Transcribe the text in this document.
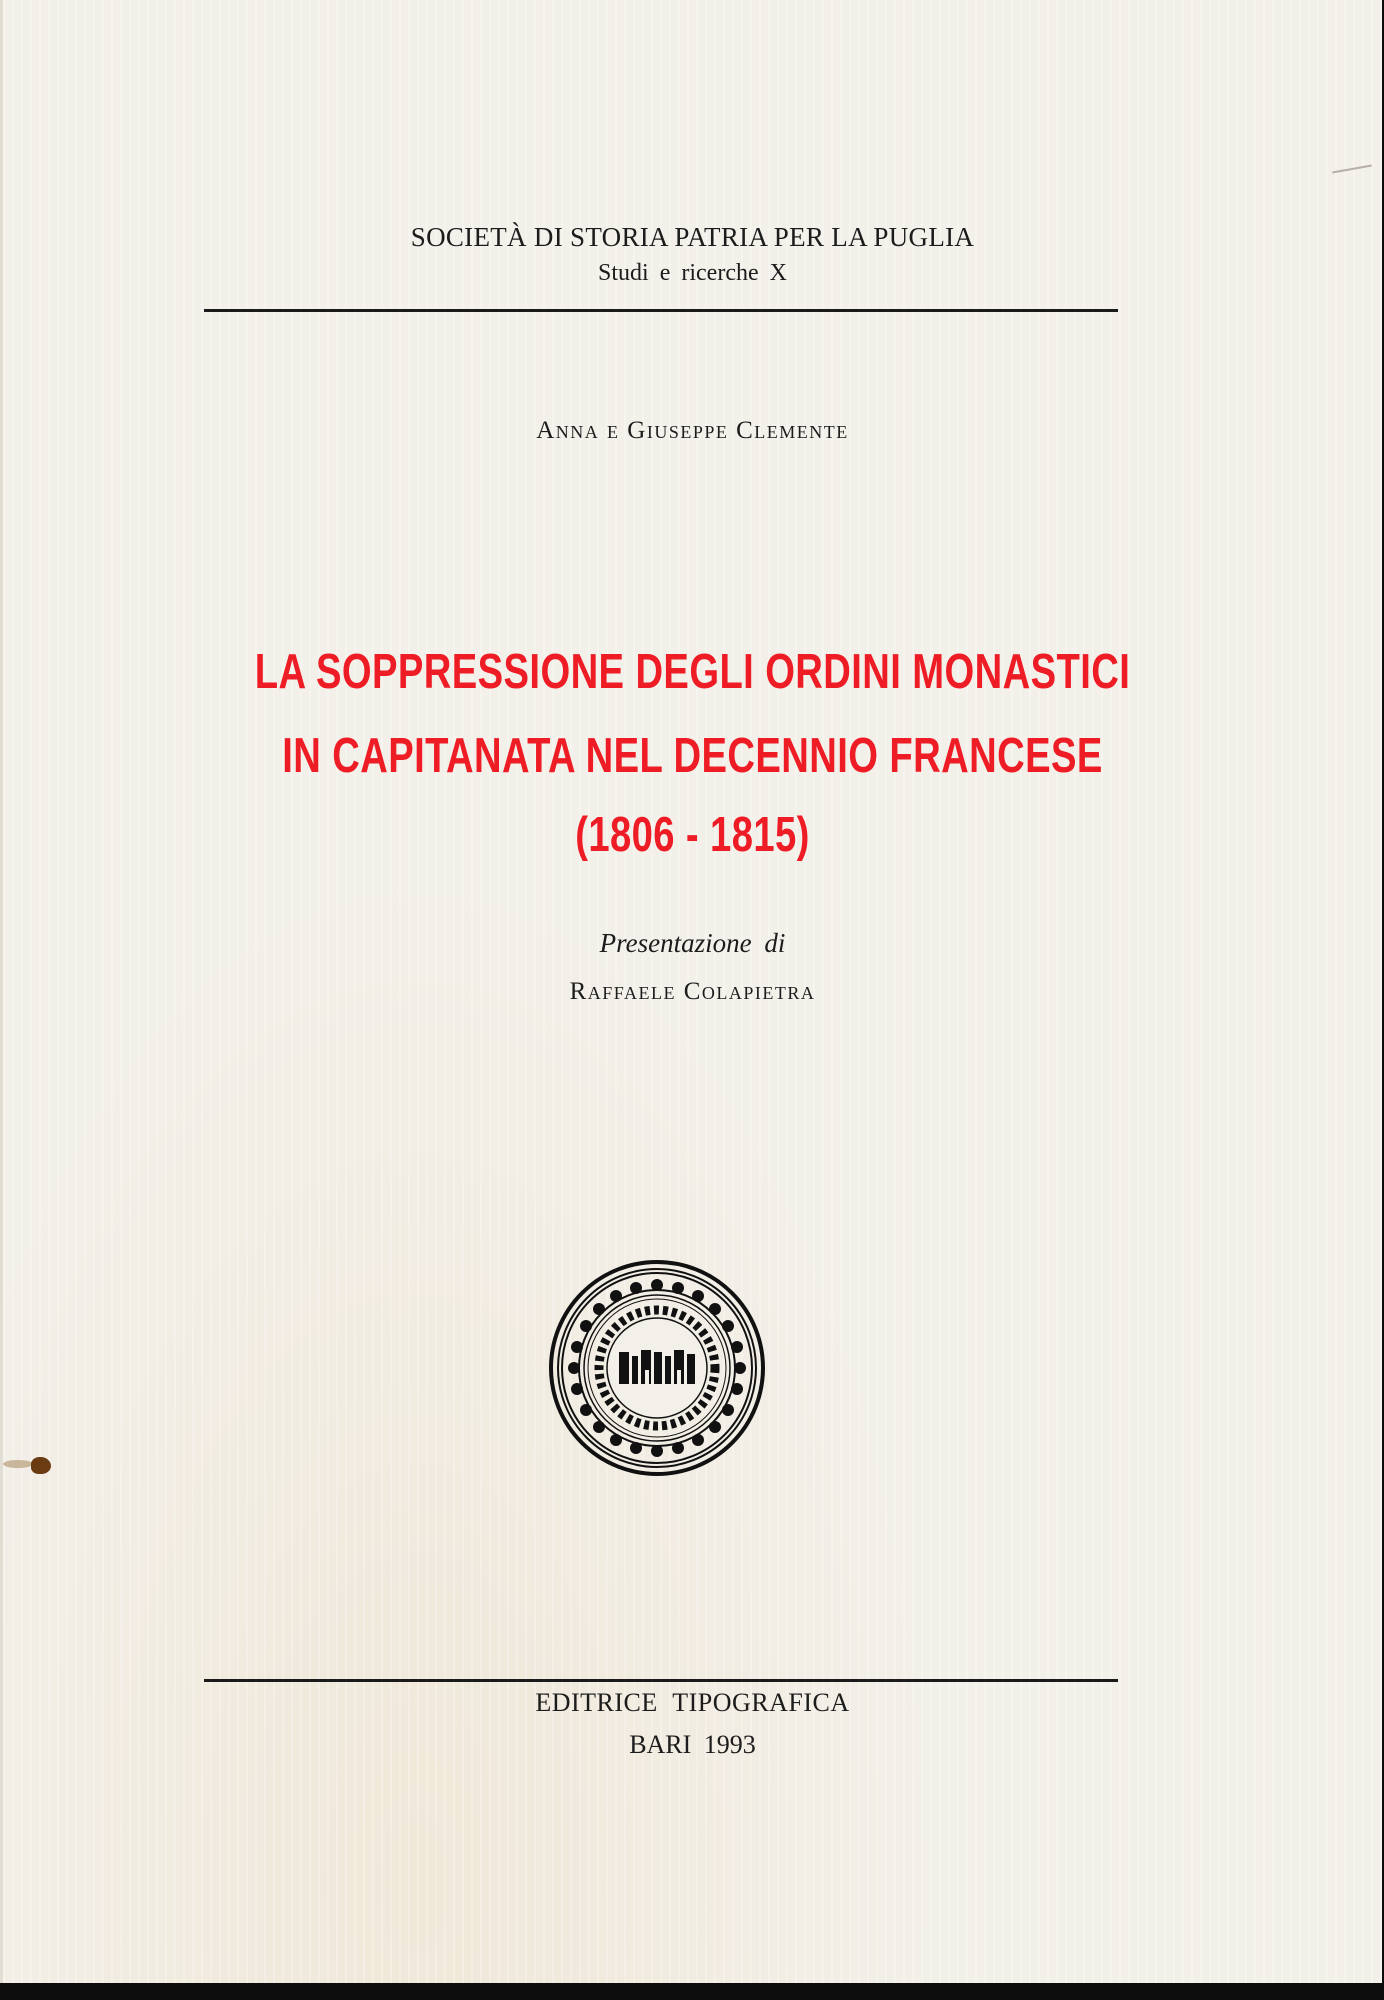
SOCIETÀ DI STORIA PATRIA PER LA PUGLIA
Studi e ricerche X
Anna e Giuseppe Clemente
LA SOPPRESSIONE DEGLI ORDINI MONASTICI
IN CAPITANATA NEL DECENNIO FRANCESE
(1806 - 1815)
Presentazione di
Raffaele Colapietra
EDITRICE TIPOGRAFICA
BARI 1993
